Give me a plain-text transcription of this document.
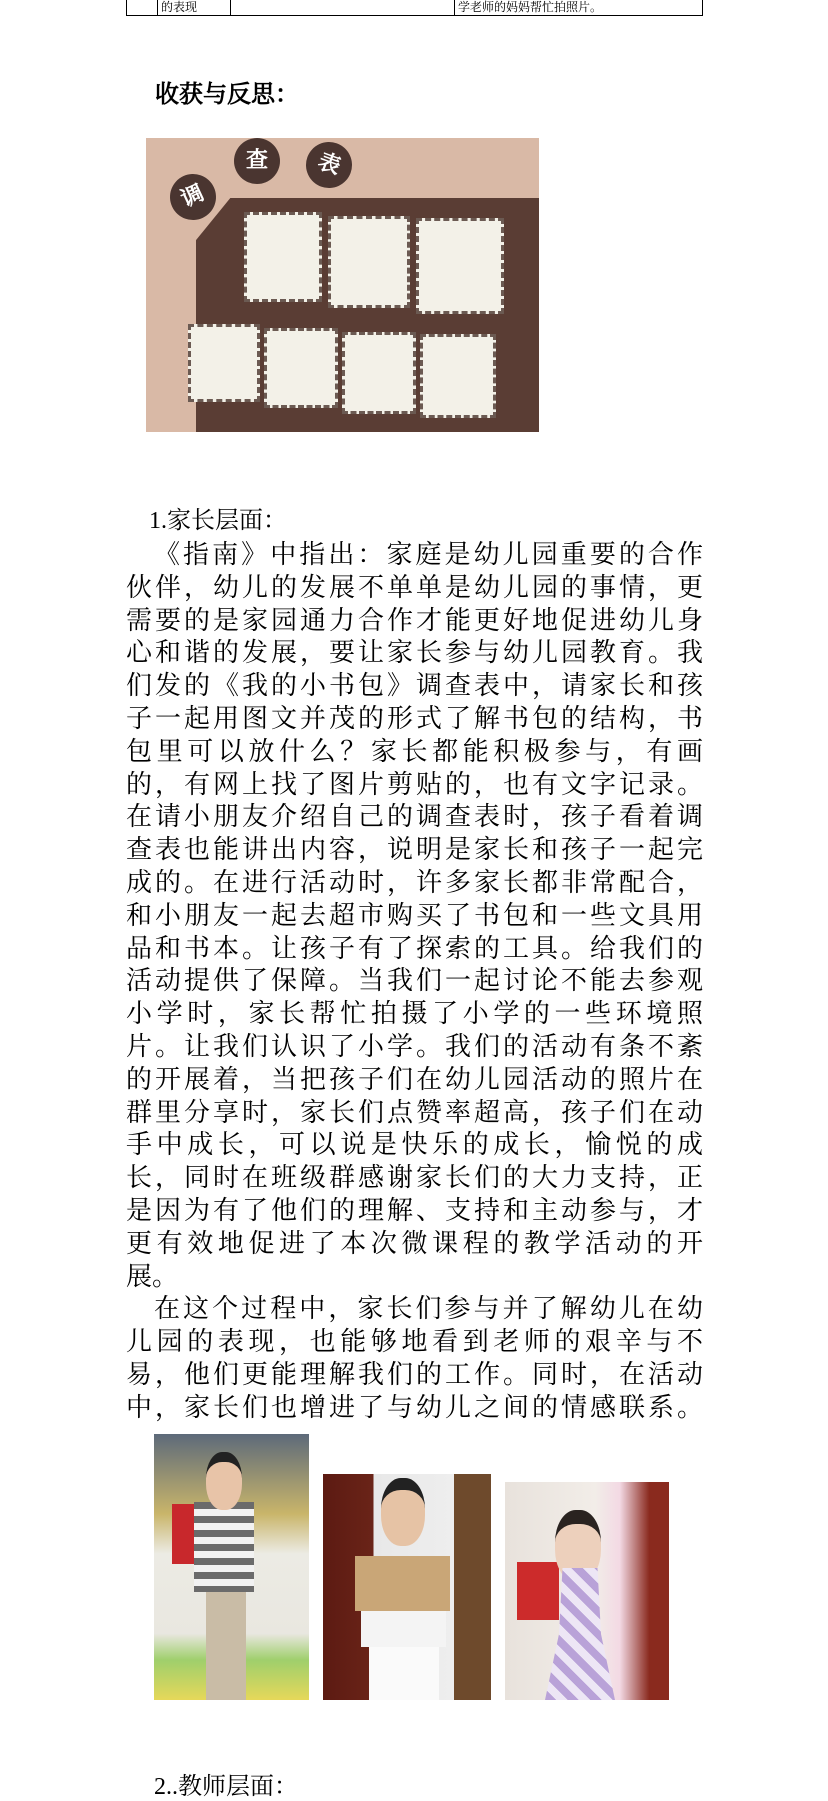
的表现	学老师的妈妈帮忙拍照片。
收获与反思：
调
查	表
1.家长层面：
《指南》中指出：家庭是幼儿园重要的合作
伙伴，幼儿的发展不单单是幼儿园的事情，更
需要的是家园通力合作才能更好地促进幼儿身
心和谐的发展，要让家长参与幼儿园教育。我
们发的《我的小书包》调查表中，请家长和孩
子一起用图文并茂的形式了解书包的结构，书
包里可以放什么？家长都能积极参与，有画
的，有网上找了图片剪贴的，也有文字记录。
在请小朋友介绍自己的调查表时，孩子看着调
查表也能讲出内容，说明是家长和孩子一起完
成的。在进行活动时，许多家长都非常配合，
和小朋友一起去超市购买了书包和一些文具用
品和书本。让孩子有了探索的工具。给我们的
活动提供了保障。当我们一起讨论不能去参观
小学时，家长帮忙拍摄了小学的一些环境照
片。让我们认识了小学。我们的活动有条不紊
的开展着，当把孩子们在幼儿园活动的照片在
群里分享时，家长们点赞率超高，孩子们在动
手中成长，可以说是快乐的成长，愉悦的成
长，同时在班级群感谢家长们的大力支持，正
是因为有了他们的理解、支持和主动参与，才
更有效地促进了本次微课程的教学活动的开
展。
在这个过程中，家长们参与并了解幼儿在幼
儿园的表现，也能够地看到老师的艰辛与不
易，他们更能理解我们的工作。同时，在活动
中，家长们也增进了与幼儿之间的情感联系。
2..教师层面：
